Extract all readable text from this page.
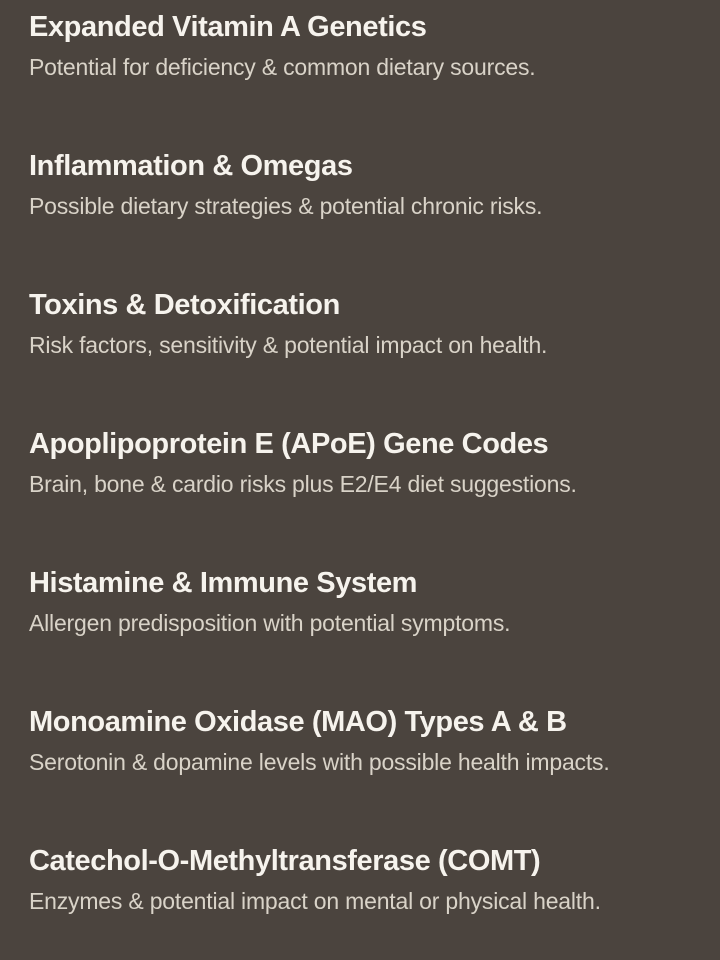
Expanded Vitamin A Genetics

Potential for deficiency & common dietary sources.

Inflammation & Omegas

Possible dietary strategies & potential chronic risks.

Toxins & Detoxification

Risk factors, sensitivity & potential impact on health.

Apoplipoprotein E (APoE) Gene Codes

Brain, bone & cardio risks plus E2/E4 diet suggestions.

Histamine & Immune System

Allergen predisposition with potential symptoms.

Monoamine Oxidase (MAO) Types A & B

Serotonin & dopamine levels with possible health impacts.

Catechol-O-Methyltransferase (COMT)

Enzymes & potential impact on mental or physical health.
